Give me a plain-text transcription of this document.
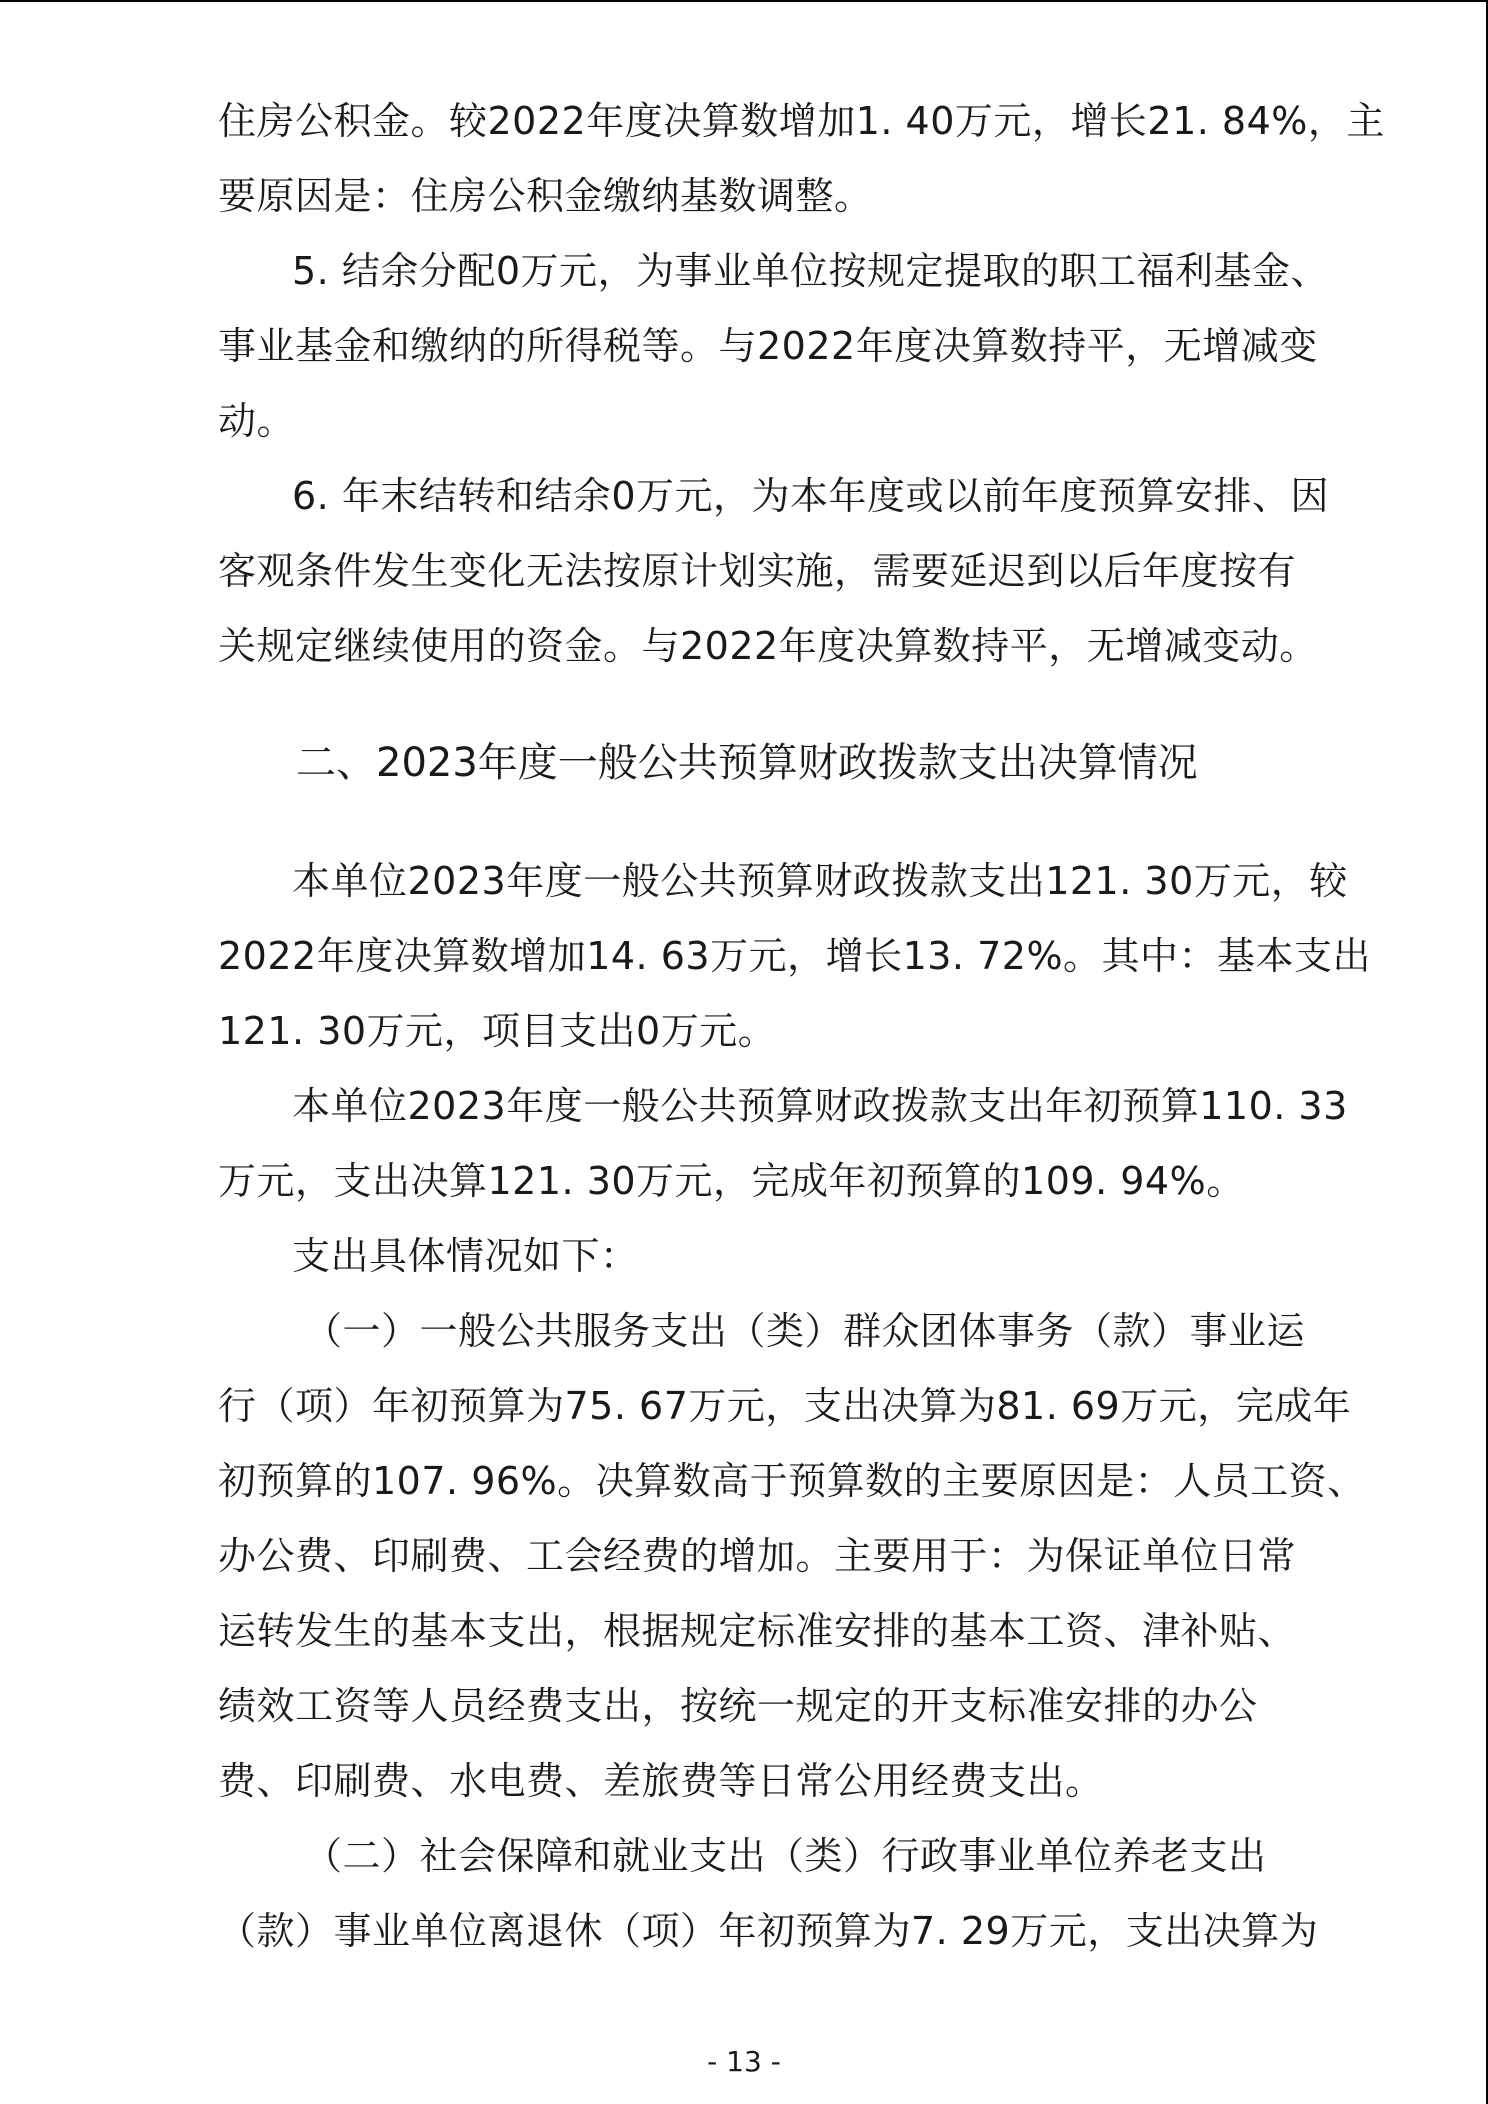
住房公积金。较2022年度决算数增加1. 40万元，增长21. 84%，主
要原因是：住房公积金缴纳基数调整。
5. 结余分配0万元，为事业单位按规定提取的职工福利基金、
事业基金和缴纳的所得税等。与2022年度决算数持平，无增减变
动。
6. 年末结转和结余0万元，为本年度或以前年度预算安排、因
客观条件发生变化无法按原计划实施，需要延迟到以后年度按有
关规定继续使用的资金。与2022年度决算数持平，无增减变动。
二、2023年度一般公共预算财政拨款支出决算情况
本单位2023年度一般公共预算财政拨款支出121. 30万元，较
2022年度决算数增加14. 63万元，增长13. 72%。其中：基本支出
121. 30万元，项目支出0万元。
本单位2023年度一般公共预算财政拨款支出年初预算110. 33
万元，支出决算121. 30万元，完成年初预算的109. 94%。
支出具体情况如下：
（一）一般公共服务支出（类）群众团体事务（款）事业运
行（项）年初预算为75. 67万元，支出决算为81. 69万元，完成年
初预算的107. 96%。决算数高于预算数的主要原因是：人员工资、
办公费、印刷费、工会经费的增加。主要用于：为保证单位日常
运转发生的基本支出，根据规定标准安排的基本工资、津补贴、
绩效工资等人员经费支出，按统一规定的开支标准安排的办公
费、印刷费、水电费、差旅费等日常公用经费支出。
（二）社会保障和就业支出（类）行政事业单位养老支出
（款）事业单位离退休（项）年初预算为7. 29万元，支出决算为
- 13 -
